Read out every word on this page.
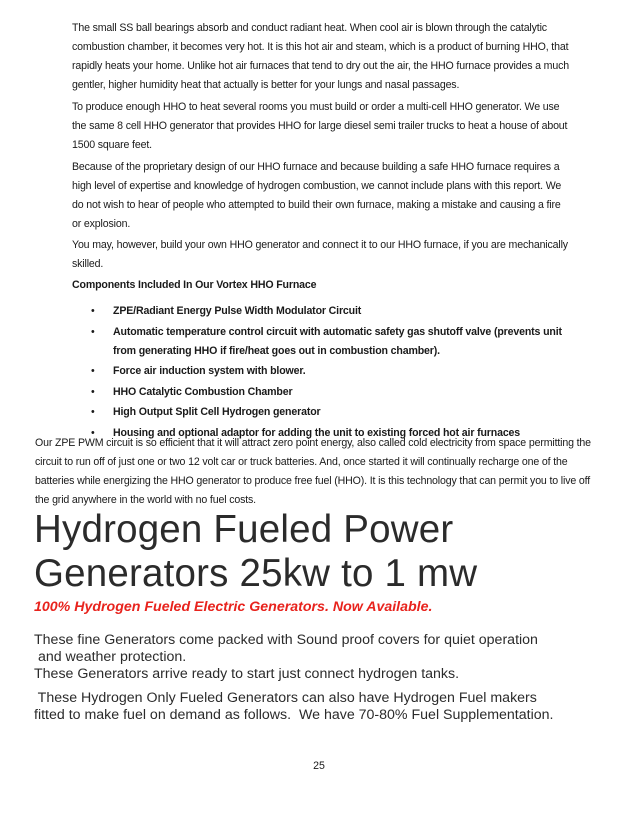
The small SS ball bearings absorb and conduct radiant heat. When cool air is blown through the catalytic combustion chamber, it becomes very hot. It is this hot air and steam, which is a product of burning HHO, that rapidly heats your home. Unlike hot air furnaces that tend to dry out the air, the HHO furnace provides a much gentler, higher humidity heat that actually is better for your lungs and nasal passages.

To produce enough HHO to heat several rooms you must build or order a multi-cell HHO generator. We use the same 8 cell HHO generator that provides HHO for large diesel semi trailer trucks to heat a house of about 1500 square feet.

Because of the proprietary design of our HHO furnace and because building a safe HHO furnace requires a high level of expertise and knowledge of hydrogen combustion, we cannot include plans with this report. We do not wish to hear of people who attempted to build their own furnace, making a mistake and causing a fire or explosion.

You may, however, build your own HHO generator and connect it to our HHO furnace, if you are mechanically skilled.

Components Included In Our Vortex HHO Furnace
• ZPE/Radiant Energy Pulse Width Modulator Circuit
• Automatic temperature control circuit with automatic safety gas shutoff valve (prevents unit from generating HHO if fire/heat goes out in combustion chamber).
• Force air induction system with blower.
• HHO Catalytic Combustion Chamber
• High Output Split Cell Hydrogen generator
• Housing and optional adaptor for adding the unit to existing forced hot air furnaces

Our ZPE PWM circuit is so efficient that it will attract zero point energy, also called cold electricity from space permitting the circuit to run off of just one or two 12 volt car or truck batteries. And, once started it will continually recharge one of the batteries while energizing the HHO generator to produce free fuel (HHO). It is this technology that can permit you to live off the grid anywhere in the world with no fuel costs.

Hydrogen Fueled Power Generators 25kw to 1 mw
100% Hydrogen Fueled Electric Generators. Now Available.
These fine Generators come packed with Sound proof covers for quiet operation
and weather protection.
These Generators arrive ready to start just connect hydrogen tanks.
These Hydrogen Only Fueled Generators can also have Hydrogen Fuel makers
fitted to make fuel on demand as follows.  We have 70-80% Fuel Supplementation.
25
